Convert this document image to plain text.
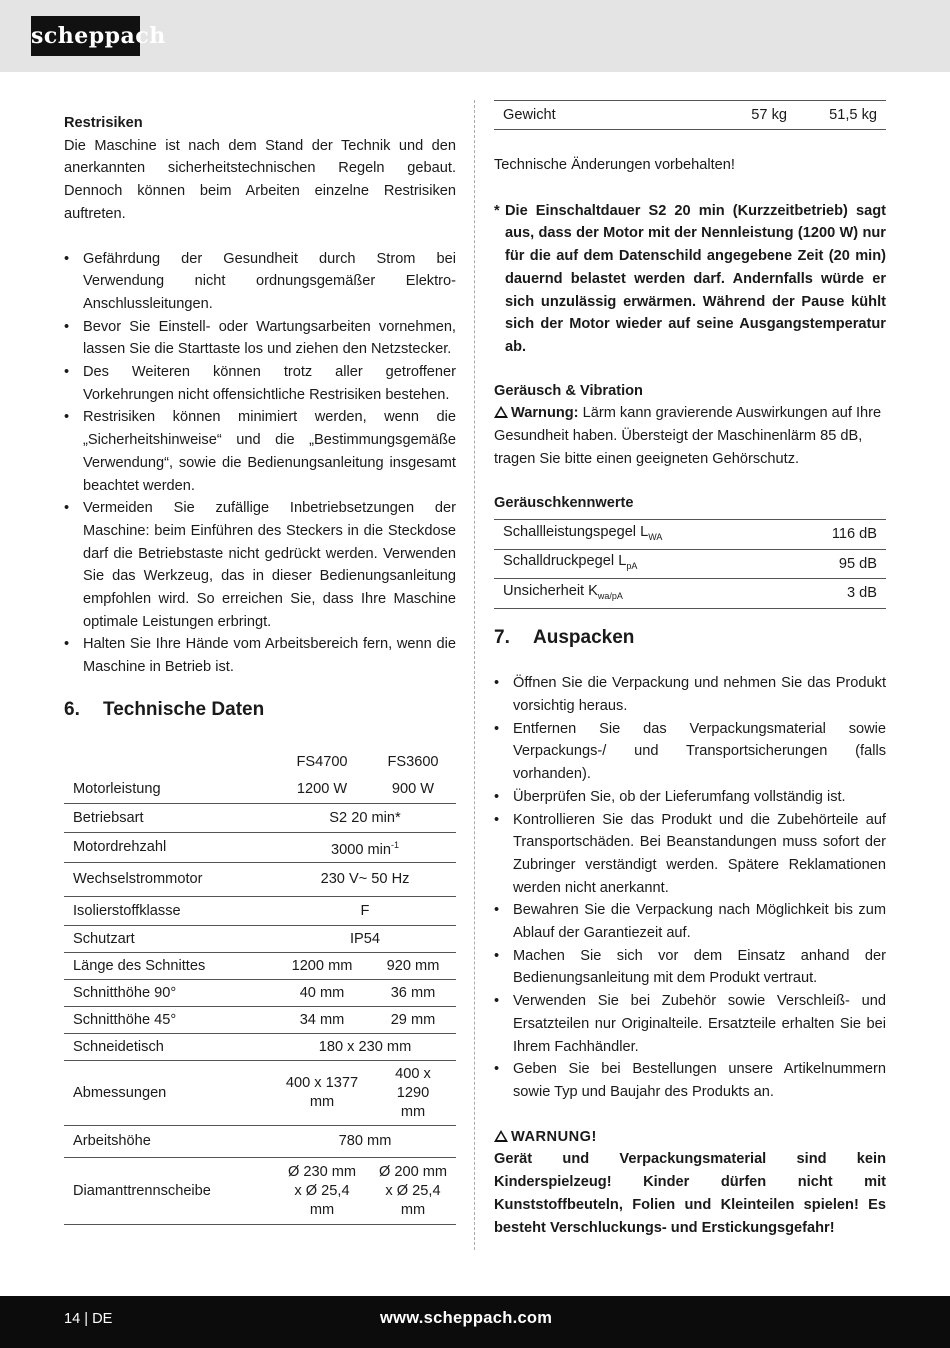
scheppach
Restrisiken

Die Maschine ist nach dem Stand der Technik und den anerkannten sicherheitstechnischen Regeln gebaut. Dennoch können beim Arbeiten einzelne Restrisiken auftreten.

• Gefährdung der Gesundheit durch Strom bei Verwendung nicht ordnungsgemäßer Elektro-Anschlussleitungen.
• Bevor Sie Einstell- oder Wartungsarbeiten vornehmen, lassen Sie die Starttaste los und ziehen den Netzstecker.
• Des Weiteren können trotz aller getroffener Vorkehrungen nicht offensichtliche Restrisiken bestehen.
• Restrisiken können minimiert werden, wenn die „Sicherheitshinweise“ und die „Bestimmungsgemäße Verwendung“, sowie die Bedienungsanleitung insgesamt beachtet werden.
• Vermeiden Sie zufällige Inbetriebsetzungen der Maschine: beim Einführen des Steckers in die Steckdose darf die Betriebstaste nicht gedrückt werden. Verwenden Sie das Werkzeug, das in dieser Bedienungsanleitung empfohlen wird. So erreichen Sie, dass Ihre Maschine optimale Leistungen erbringt.
• Halten Sie Ihre Hände vom Arbeitsbereich fern, wenn die Maschine in Betrieb ist.
6.	Technische Daten
	FS4700	FS3600
Motorleistung	1200 W	900 W
Betriebsart	S2 20 min*	
Motordrehzahl	3000 $\min^{-1}$
Wechselstrommotor	230 V~ 50 Hz	
Isolierstoffklasse	F	
Schutzart	IP54	
Länge des Schnittes	1200 mm	920 mm
Schnitthöhe 90°	40 mm	36 mm
Schnitthöhe 45°	34 mm	29 mm
Schneidetisch	180 x 230 mm	
Abmessungen	400 x 1377 mm	400 x 1290 mm
Arbeitshöhe	780 mm	
Diamanttrennscheibe	Ø 230 mm x Ø 25,4 mm	Ø 200 mm x Ø 25,4 mm
Gewicht	57 kg	51,5 kg

Technische Änderungen vorbehalten!

* Die Einschaltdauer S2 20 min (Kurzzeitbetrieb) sagt aus, dass der Motor mit der Nennleistung (1200 W) nur für die auf dem Datenschild angegebene Zeit (20 min) dauernd belastet werden darf. Andernfalls würde er sich unzulässig erwärmen. Während der Pause kühlt sich der Motor wieder auf seine Ausgangstemperatur ab.
Geräusch & Vibration

Warnung: Lärm kann gravierende Auswirkungen auf Ihre Gesundheit haben. Übersteigt der Maschinenlärm 85 dB, tragen Sie bitte einen geeigneten Gehörschutz.

Geräuschkennwerte
Schallleistungspegel $L_{WA}$	116 dB
Schalldruckpegel $L_{pA}$	95 dB
Unsicherheit $K_{wa/pA}$	3 dB
7.	Auspacken
• Öffnen Sie die Verpackung und nehmen Sie das Produkt vorsichtig heraus.
• Entfernen Sie das Verpackungsmaterial sowie Verpackungs-/ und Transportsicherungen (falls vorhanden).
• Überprüfen Sie, ob der Lieferumfang vollständig ist.
• Kontrollieren Sie das Produkt und die Zubehörteile auf Transportschäden. Bei Beanstandungen muss sofort der Zubringer verständigt werden. Spätere Reklamationen werden nicht anerkannt.
• Bewahren Sie die Verpackung nach Möglichkeit bis zum Ablauf der Garantiezeit auf.
• Machen Sie sich vor dem Einsatz anhand der Bedienungsanleitung mit dem Produkt vertraut.
• Verwenden Sie bei Zubehör sowie Verschleiß- und Ersatzteilen nur Originalteile. Ersatzteile erhalten Sie bei Ihrem Fachhändler.
• Geben Sie bei Bestellungen unsere Artikelnummern sowie Typ und Baujahr des Produkts an.
WARNUNG!

Gerät und Verpackungsmaterial sind kein Kinderspielzeug! Kinder dürfen nicht mit Kunststoffbeuteln, Folien und Kleinteilen spielen! Es besteht Verschluckungs- und Erstickungsgefahr!

14 | DE	www.scheppach.com
